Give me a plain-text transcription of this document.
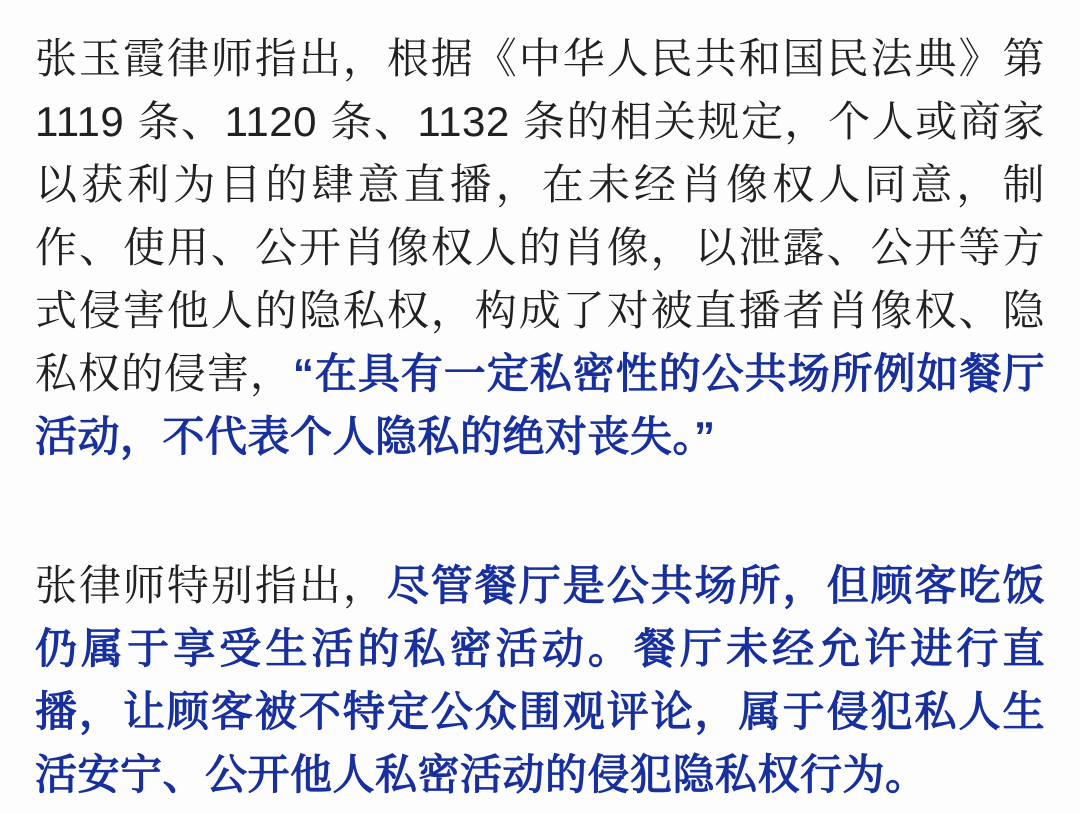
张玉霞律师指出，根据《中华人民共和国民法典》第 1119 条、1120 条、1132 条的相关规定，个人或商家以获利为目的肆意直播，在未经肖像权人同意，制作、使用、公开肖像权人的肖像，以泄露、公开等方式侵害他人的隐私权，构成了对被直播者肖像权、隐私权的侵害，“在具有一定私密性的公共场所例如餐厅活动，不代表个人隐私的绝对丧失。”

张律师特别指出，尽管餐厅是公共场所，但顾客吃饭仍属于享受生活的私密活动。餐厅未经允许进行直播，让顾客被不特定公众围观评论，属于侵犯私人生活安宁、公开他人私密活动的侵犯隐私权行为。
